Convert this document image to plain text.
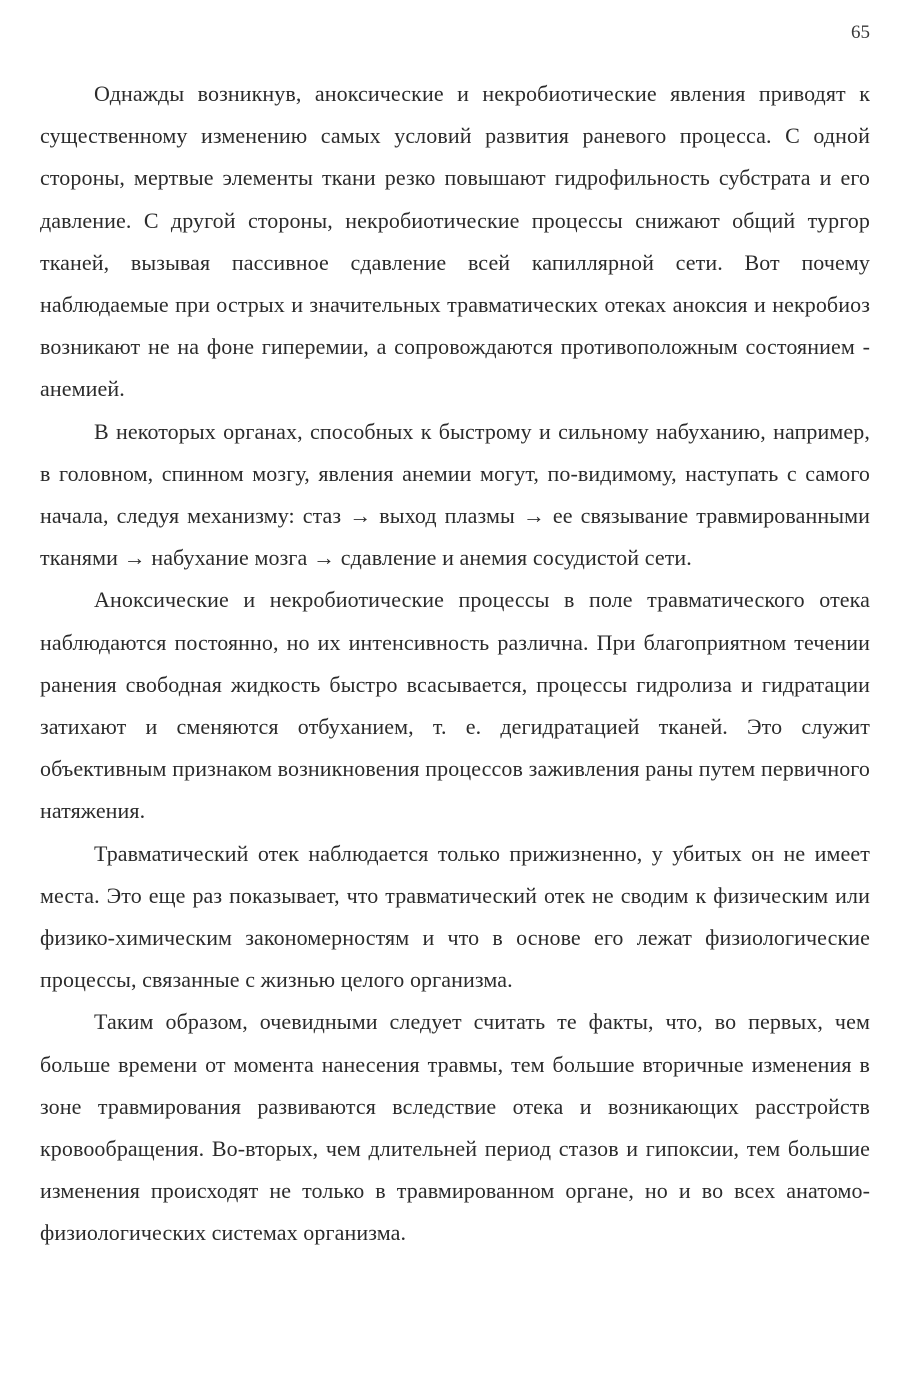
65

Однажды возникнув, аноксические и некробиотические явления приводят к существенному изменению самых условий развития раневого процесса. С одной стороны, мертвые элементы ткани резко повышают гидрофильность субстрата и его давление. С другой стороны, некробиотические процессы снижают общий тургор тканей, вызывая пассивное сдавление всей капиллярной сети. Вот почему наблюдаемые при острых и значительных травматических отеках аноксия и некробиоз возникают не на фоне гиперемии, а сопровождаются противоположным состоянием - анемией.

В некоторых органах, способных к быстрому и сильному набуханию, например, в головном, спинном мозгу, явления анемии могут, по-видимому, наступать с самого начала, следуя механизму: стаз → выход плазмы → ее связывание травмированными тканями → набухание мозга → сдавление и анемия сосудистой сети.

Аноксические и некробиотические процессы в поле травматического отека наблюдаются постоянно, но их интенсивность различна. При благоприятном течении ранения свободная жидкость быстро всасывается, процессы гидролиза и гидратации затихают и сменяются отбуханием, т. е. дегидратацией тканей. Это служит объективным признаком возникновения процессов заживления раны путем первичного натяжения.

Травматический отек наблюдается только прижизненно, у убитых он не имеет места. Это еще раз показывает, что травматический отек не сводим к физическим или физико-химическим закономерностям и что в основе его лежат физиологические процессы, связанные с жизнью целого организма.

Таким образом, очевидными следует считать те факты, что, во первых, чем больше времени от момента нанесения травмы, тем большие вторичные изменения в зоне травмирования развиваются вследствие отека и возникающих расстройств кровообращения. Во-вторых, чем длительней период стазов и гипоксии, тем большие изменения происходят не только в травмированном органе, но и во всех анатомо-физиологических системах организма.
